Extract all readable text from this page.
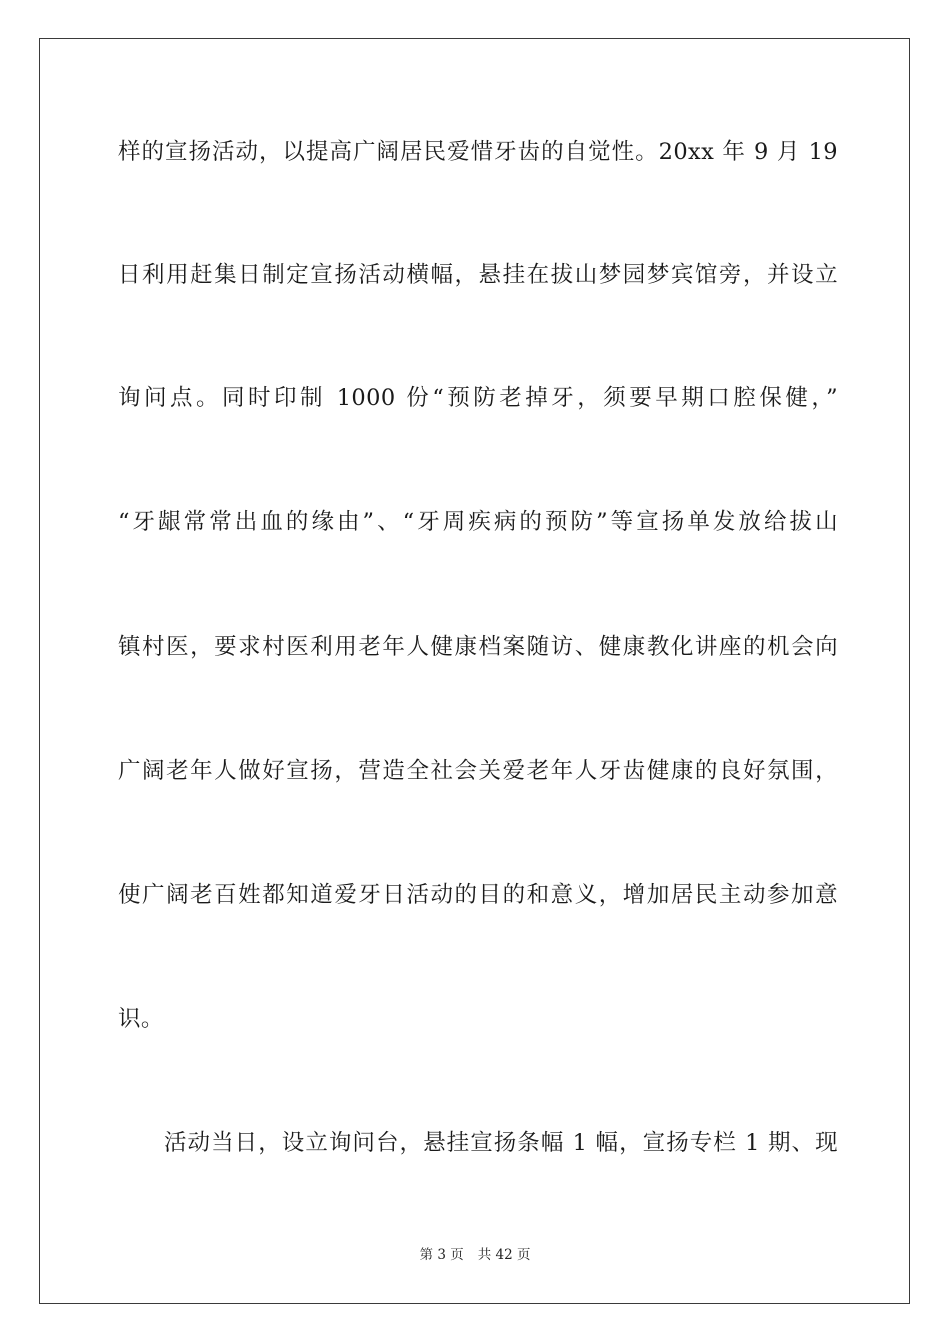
样的宣扬活动，以提高广阔居民爱惜牙齿的自觉性。20xx 年 9 月 19
日利用赶集日制定宣扬活动横幅，悬挂在拔山梦园梦宾馆旁，并设立
询问点。同时印制 1000 份“预防老掉牙，须要早期口腔保健，”
“牙龈常常出血的缘由”、“牙周疾病的预防”等宣扬单发放给拔山
镇村医，要求村医利用老年人健康档案随访、健康教化讲座的机会向
广阔老年人做好宣扬，营造全社会关爱老年人牙齿健康的良好氛围，
使广阔老百姓都知道爱牙日活动的目的和意义，增加居民主动参加意
识。
活动当日，设立询问台，悬挂宣扬条幅 1 幅，宣扬专栏 1 期、现
第 3 页 共 42 页
